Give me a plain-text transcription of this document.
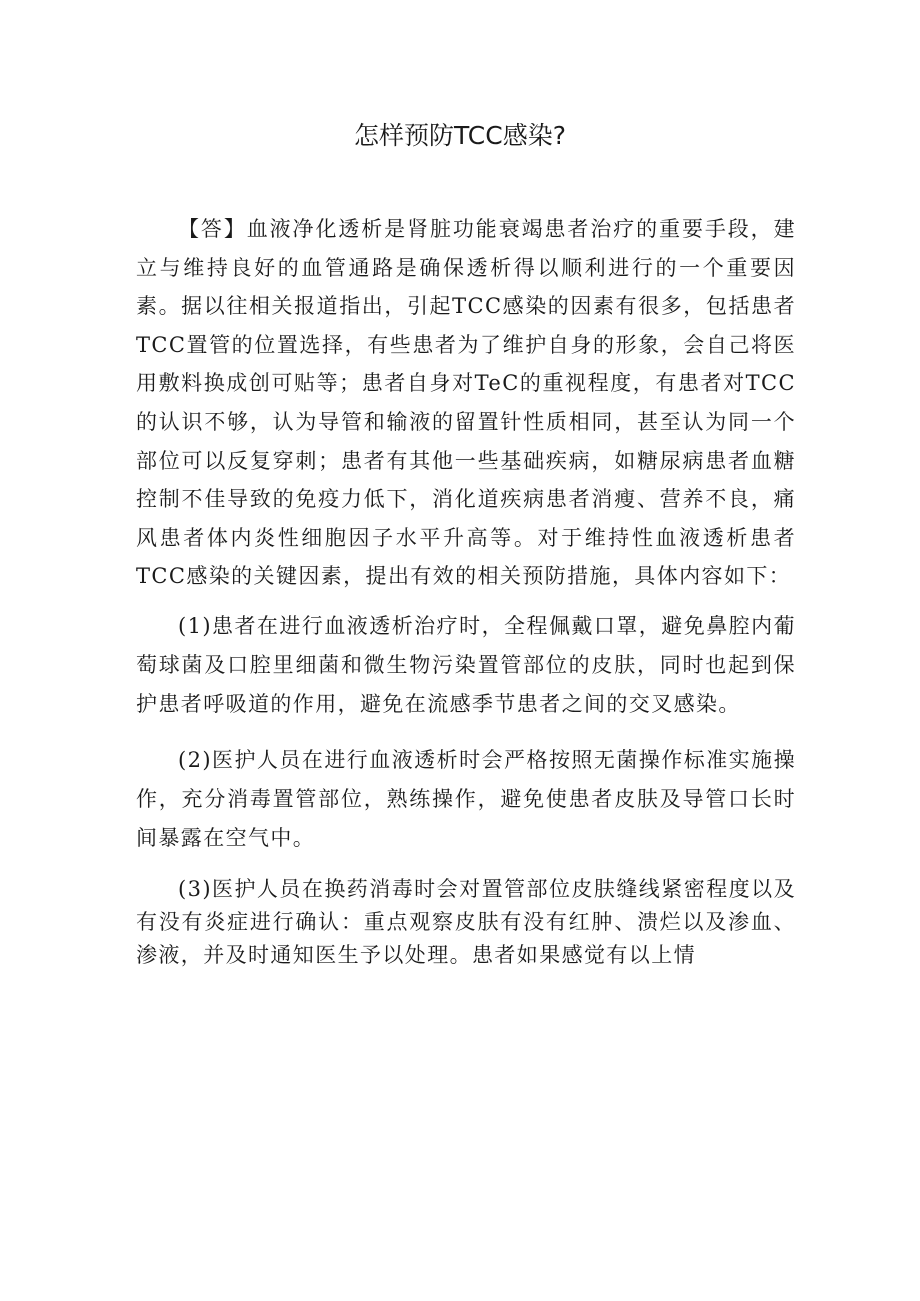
怎样预防TCC感染?

【答】血液净化透析是肾脏功能衰竭患者治疗的重要手段，建立与维持良好的血管通路是确保透析得以顺利进行的一个重要因素。据以往相关报道指出，引起TCC感染的因素有很多，包括患者TCC置管的位置选择，有些患者为了维护自身的形象，会自己将医用敷料换成创可贴等；患者自身对TeC的重视程度，有患者对TCC的认识不够，认为导管和输液的留置针性质相同，甚至认为同一个部位可以反复穿刺；患者有其他一些基础疾病，如糖尿病患者血糖控制不佳导致的免疫力低下，消化道疾病患者消瘦、营养不良，痛风患者体内炎性细胞因子水平升高等。对于维持性血液透析患者TCC感染的关键因素，提出有效的相关预防措施，具体内容如下：

(1)患者在进行血液透析治疗时，全程佩戴口罩，避免鼻腔内葡萄球菌及口腔里细菌和微生物污染置管部位的皮肤，同时也起到保护患者呼吸道的作用，避免在流感季节患者之间的交叉感染。

(2)医护人员在进行血液透析时会严格按照无菌操作标准实施操作，充分消毒置管部位，熟练操作，避免使患者皮肤及导管口长时间暴露在空气中。

(3)医护人员在换药消毒时会对置管部位皮肤缝线紧密程度以及有没有炎症进行确认：重点观察皮肤有没有红肿、溃烂以及渗血、渗液，并及时通知医生予以处理。患者如果感觉有以上情
